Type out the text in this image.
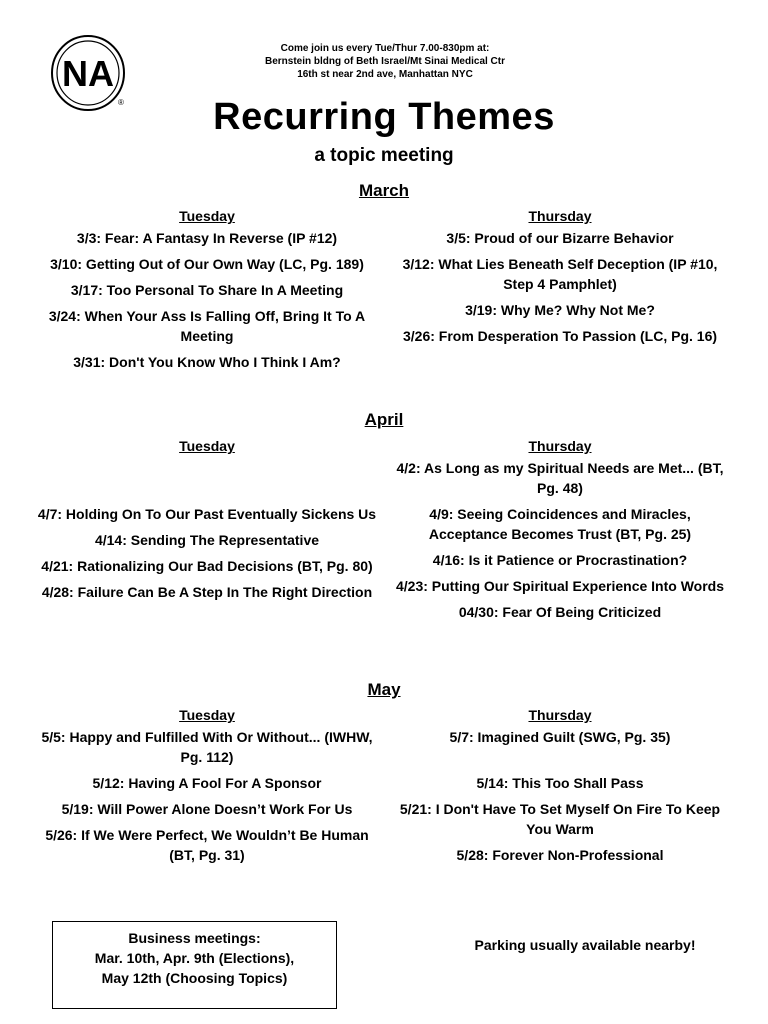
NA
®
Come join us every Tue/Thur 7.00-830pm at:
Bernstein bldng of Beth Israel/Mt Sinai Medical Ctr
16th st near 2nd ave, Manhattan NYC
Recurring Themes
a topic meeting
March
Tuesday
3/3: Fear: A Fantasy In Reverse (IP #12)
3/10: Getting Out of Our Own Way (LC, Pg. 189)
3/17: Too Personal To Share In A Meeting
3/24: When Your Ass Is Falling Off, Bring It To A Meeting
3/31: Don't You Know Who I Think I Am?
Thursday
3/5: Proud of our Bizarre Behavior
3/12: What Lies Beneath Self Deception (IP #10, Step 4 Pamphlet)
3/19: Why Me? Why Not Me?
3/26: From Desperation To Passion (LC, Pg. 16)
April
Tuesday
4/7: Holding On To Our Past Eventually Sickens Us
4/14: Sending The Representative
4/21: Rationalizing Our Bad Decisions (BT, Pg. 80)
4/28: Failure Can Be A Step In The Right Direction
Thursday
4/2: As Long as my Spiritual Needs are Met... (BT, Pg. 48)
4/9: Seeing Coincidences and Miracles, Acceptance Becomes Trust (BT, Pg. 25)
4/16: Is it Patience or Procrastination?
4/23: Putting Our Spiritual Experience Into Words
04/30: Fear Of Being Criticized
May
Tuesday
5/5: Happy and Fulfilled With Or Without... (IWHW, Pg. 112)
5/12: Having A Fool For A Sponsor
5/19: Will Power Alone Doesn’t Work For Us
5/26: If We Were Perfect, We Wouldn’t Be Human (BT, Pg. 31)
Thursday
5/7: Imagined Guilt (SWG, Pg. 35)
5/14: This Too Shall Pass
5/21: I Don't Have To Set Myself On Fire To Keep You Warm
5/28: Forever Non-Professional
Business meetings:
Mar. 10th, Apr. 9th (Elections),
May 12th (Choosing Topics)
Parking usually available nearby!
